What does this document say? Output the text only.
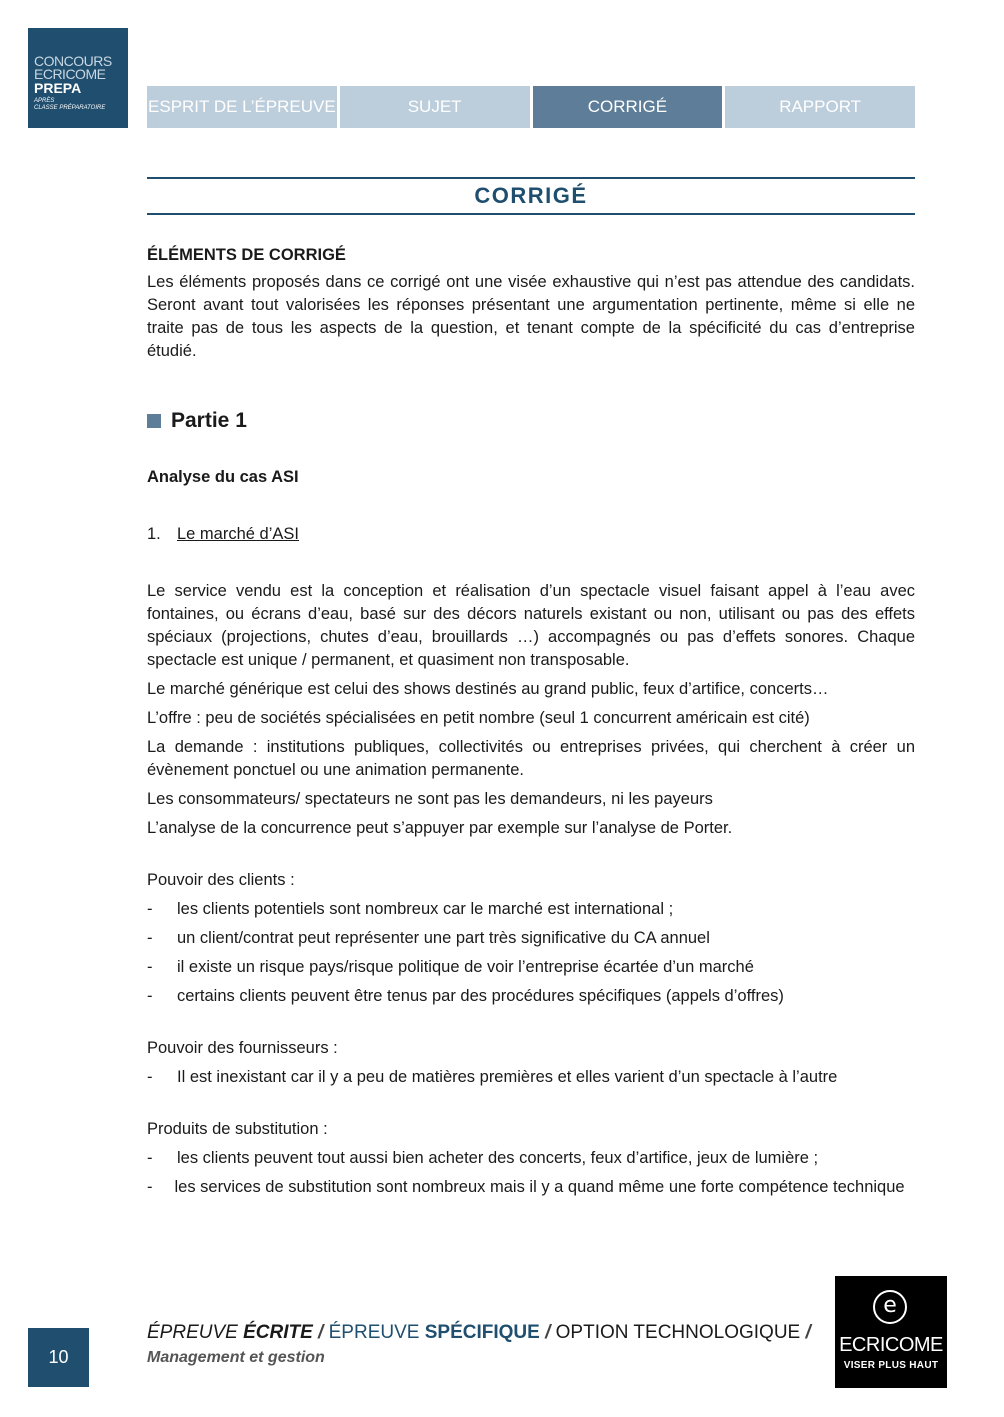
CONCOURS
ECRICOME
PREPA
APRÈS
CLASSE PRÉPARATOIRE	ESPRIT DE L’ÉPREUVE	SUJET	CORRIGÉ	RAPPORT
CORRIGÉ

ÉLÉMENTS DE CORRIGÉ

Les éléments proposés dans ce corrigé ont une visée exhaustive qui n’est pas attendue des candidats. Seront avant tout valorisées les réponses présentant une argumentation pertinente, même si elle ne traite pas de tous les aspects de la question, et tenant compte de la spécificité du cas d’entreprise étudié.

Partie 1

Analyse du cas ASI

1. Le marché d’ASI

Le service vendu est la conception et réalisation d’un spectacle visuel faisant appel à l’eau avec fontaines, ou écrans d’eau, basé sur des décors naturels existant ou non, utilisant ou pas des effets spéciaux (projections, chutes d’eau, brouillards …) accompagnés ou pas d’effets sonores. Chaque spectacle est unique / permanent, et quasiment non transposable.

Le marché générique est celui des shows destinés au grand public, feux d’artifice, concerts…

L’offre : peu de sociétés spécialisées en petit nombre (seul 1 concurrent américain est cité)

La demande : institutions publiques, collectivités ou entreprises privées, qui cherchent à créer un évènement ponctuel ou une animation permanente.

Les consommateurs/ spectateurs ne sont pas les demandeurs, ni les payeurs

L’analyse de la concurrence peut s’appuyer par exemple sur l’analyse de Porter.

Pouvoir des clients :

-	les clients potentiels sont nombreux car le marché est international ;
-	un client/contrat peut représenter une part très significative du CA annuel
-	il existe un risque pays/risque politique de voir l’entreprise écartée d’un marché
-	certains clients peuvent être tenus par des procédures spécifiques (appels d’offres)

Pouvoir des fournisseurs :

-	Il est inexistant car il y a peu de matières premières et elles varient d’un spectacle à l’autre

Produits de substitution :

-	les clients peuvent tout aussi bien acheter des concerts, feux d’artifice, jeux de lumière ;

- les services de substitution sont nombreux mais il y a quand même une forte compétence technique

10
ÉPREUVE ÉCRITE / ÉPREUVE SPÉCIFIQUE / OPTION TECHNOLOGIQUE /
Management et gestion
e
ECRICOME
VISER PLUS HAUT
